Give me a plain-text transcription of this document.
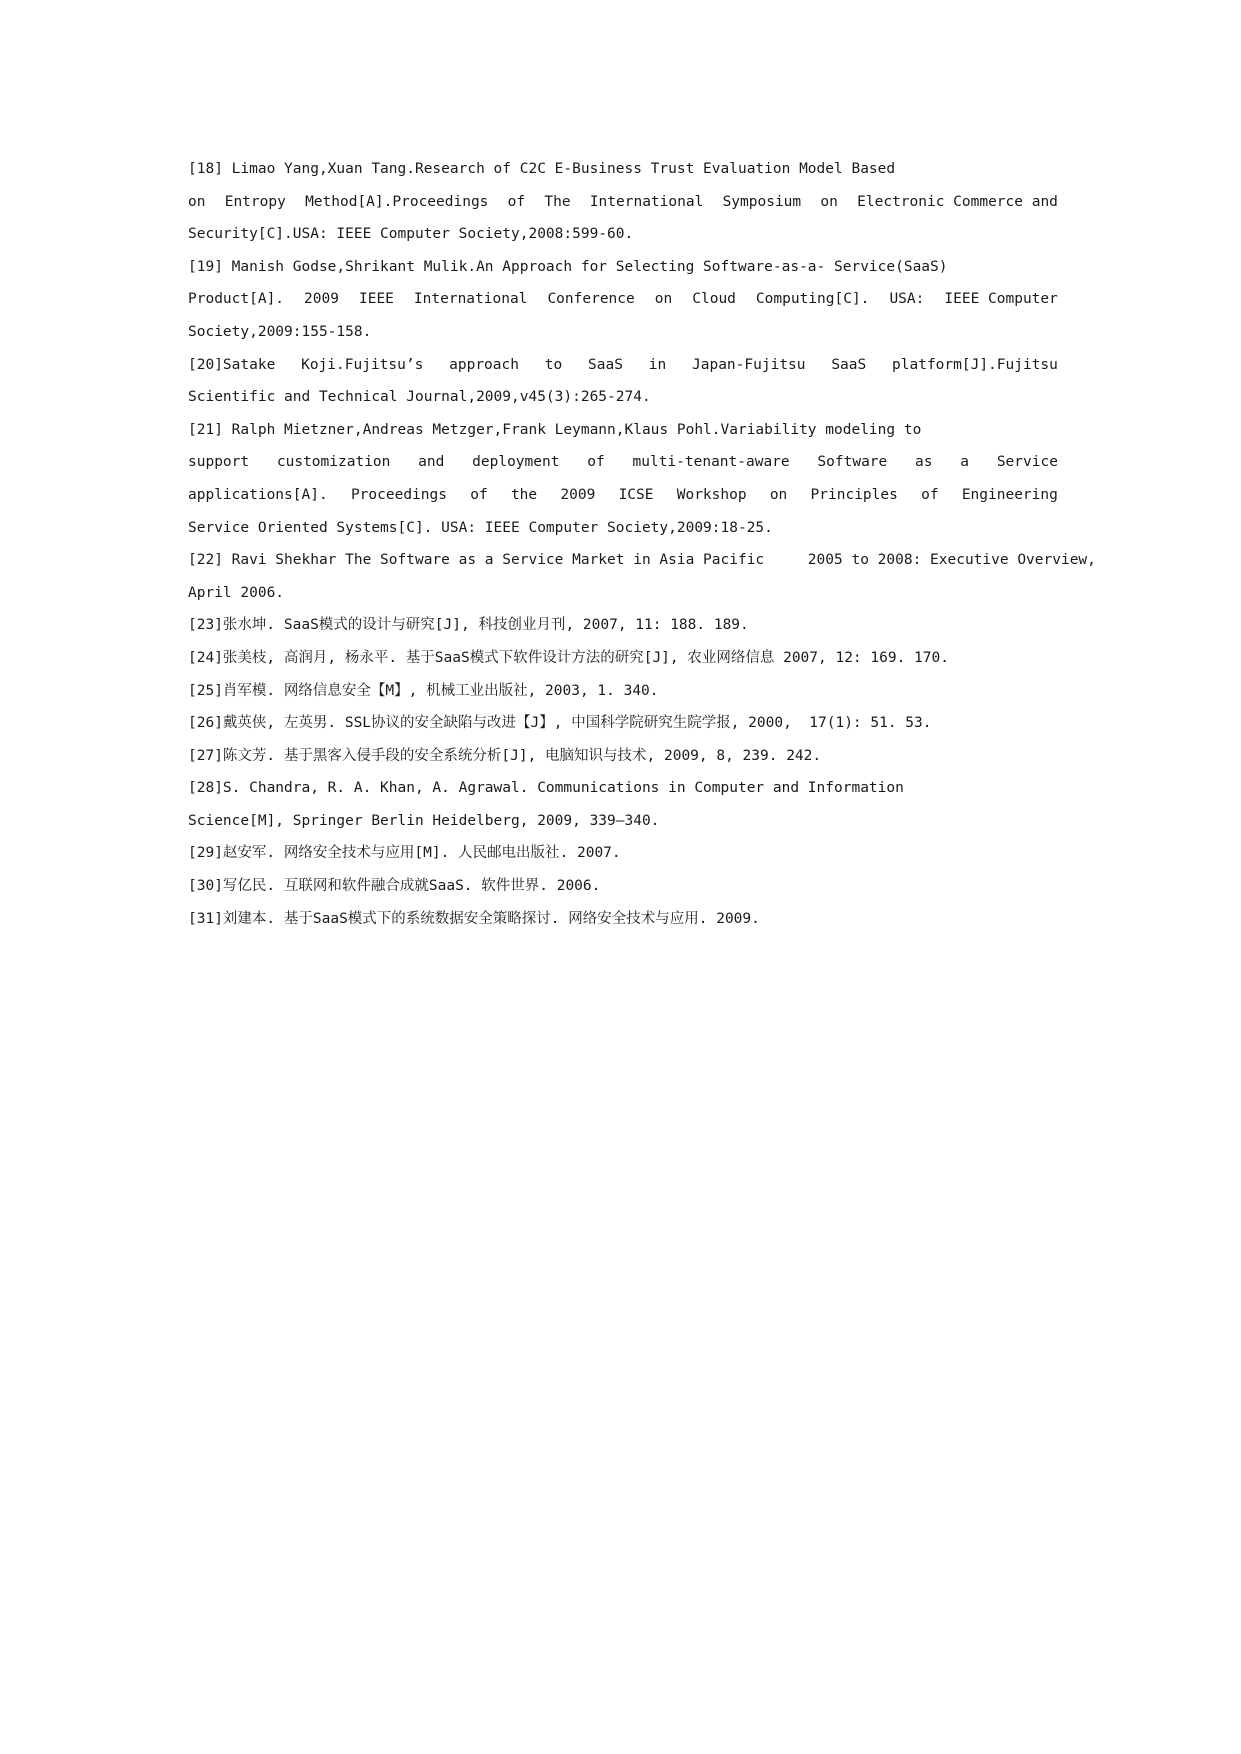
[18] Limao Yang,Xuan Tang.Research of C2C E-Business Trust Evaluation Model Based
on Entropy Method[A].Proceedings of The International Symposium on Electronic Commerce and
Security[C].USA: IEEE Computer Society,2008:599-60.
[19] Manish Godse,Shrikant Mulik.An Approach for Selecting Software-as-a- Service(SaaS)
Product[A]. 2009 IEEE International Conference on Cloud Computing[C]. USA: IEEE Computer
Society,2009:155-158.
[20]Satake Koji.Fujitsu’s approach to SaaS in Japan-Fujitsu SaaS platform[J].Fujitsu
Scientific and Technical Journal,2009,v45(3):265-274.
[21] Ralph Mietzner,Andreas Metzger,Frank Leymann,Klaus Pohl.Variability modeling to
support customization and deployment of multi-tenant-aware Software as a Service
applications[A]. Proceedings of the 2009 ICSE Workshop on Principles of Engineering
Service Oriented Systems[C]. USA: IEEE Computer Society,2009:18-25.
[22] Ravi Shekhar The Software as a Service Market in Asia Pacific     2005 to 2008: Executive Overview,
April 2006.
[23]张水坤. SaaS模式的设计与研究[J], 科技创业月刊, 2007, 11: 188. 189.
[24]张美枝, 高润月, 杨永平. 基于SaaS模式下软件设计方法的研究[J], 农业网络信息 2007, 12: 169. 170.
[25]肖军模. 网络信息安全【M】, 机械工业出版社, 2003, 1. 340.
[26]戴英侠, 左英男. SSL协议的安全缺陷与改进【J】, 中国科学院研究生院学报, 2000,  17(1): 51. 53.
[27]陈文芳. 基于黑客入侵手段的安全系统分析[J], 电脑知识与技术, 2009, 8, 239. 242.
[28]S. Chandra, R. A. Khan, A. Agrawal. Communications in Computer and Information
Science[M], Springer Berlin Heidelberg, 2009, 339—340.
[29]赵安军. 网络安全技术与应用[M]. 人民邮电出版社. 2007.
[30]写亿民. 互联网和软件融合成就SaaS. 软件世界. 2006.
[31]刘建本. 基于SaaS模式下的系统数据安全策略探讨. 网络安全技术与应用. 2009.
